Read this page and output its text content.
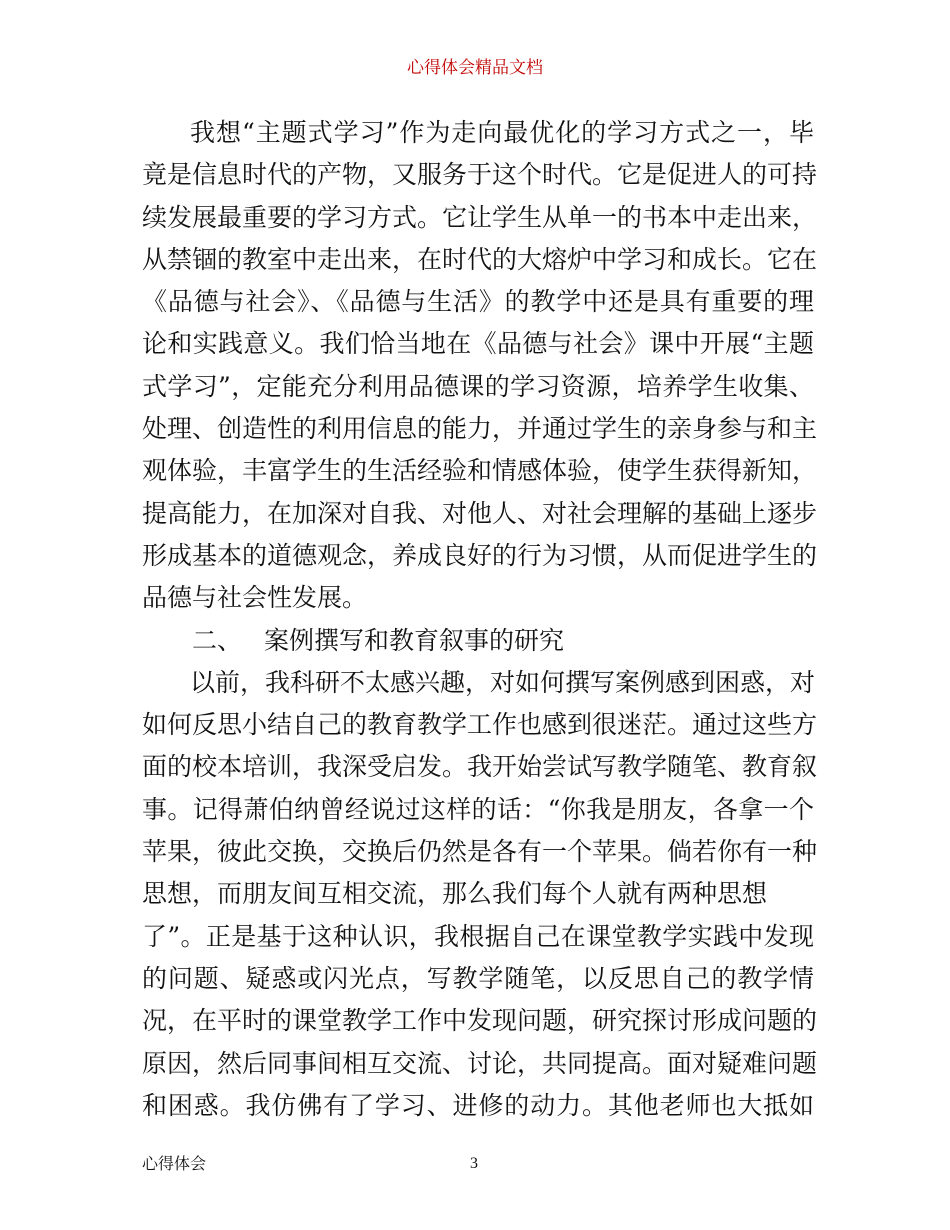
心得体会精品文档
我想“主题式学习”作为走向最优化的学习方式之一，毕
竟是信息时代的产物，又服务于这个时代。它是促进人的可持
续发展最重要的学习方式。它让学生从单一的书本中走出来，
从禁锢的教室中走出来，在时代的大熔炉中学习和成长。它在
《品德与社会》、《品德与生活》的教学中还是具有重要的理
论和实践意义。我们恰当地在《品德与社会》课中开展“主题
式学习”，定能充分利用品德课的学习资源，培养学生收集、
处理、创造性的利用信息的能力，并通过学生的亲身参与和主
观体验，丰富学生的生活经验和情感体验，使学生获得新知，
提高能力，在加深对自我、对他人、对社会理解的基础上逐步
形成基本的道德观念，养成良好的行为习惯，从而促进学生的
品德与社会性发展。
二、 案例撰写和教育叙事的研究
以前，我科研不太感兴趣，对如何撰写案例感到困惑，对
如何反思小结自己的教育教学工作也感到很迷茫。通过这些方
面的校本培训，我深受启发。我开始尝试写教学随笔、教育叙
事。记得萧伯纳曾经说过这样的话：“你我是朋友，各拿一个
苹果，彼此交换，交换后仍然是各有一个苹果。倘若你有一种
思想，而朋友间互相交流，那么我们每个人就有两种思想
了”。正是基于这种认识，我根据自己在课堂教学实践中发现
的问题、疑惑或闪光点，写教学随笔，以反思自己的教学情
况，在平时的课堂教学工作中发现问题，研究探讨形成问题的
原因，然后同事间相互交流、讨论，共同提高。面对疑难问题
和困惑。我仿佛有了学习、进修的动力。其他老师也大抵如
心得体会	3
